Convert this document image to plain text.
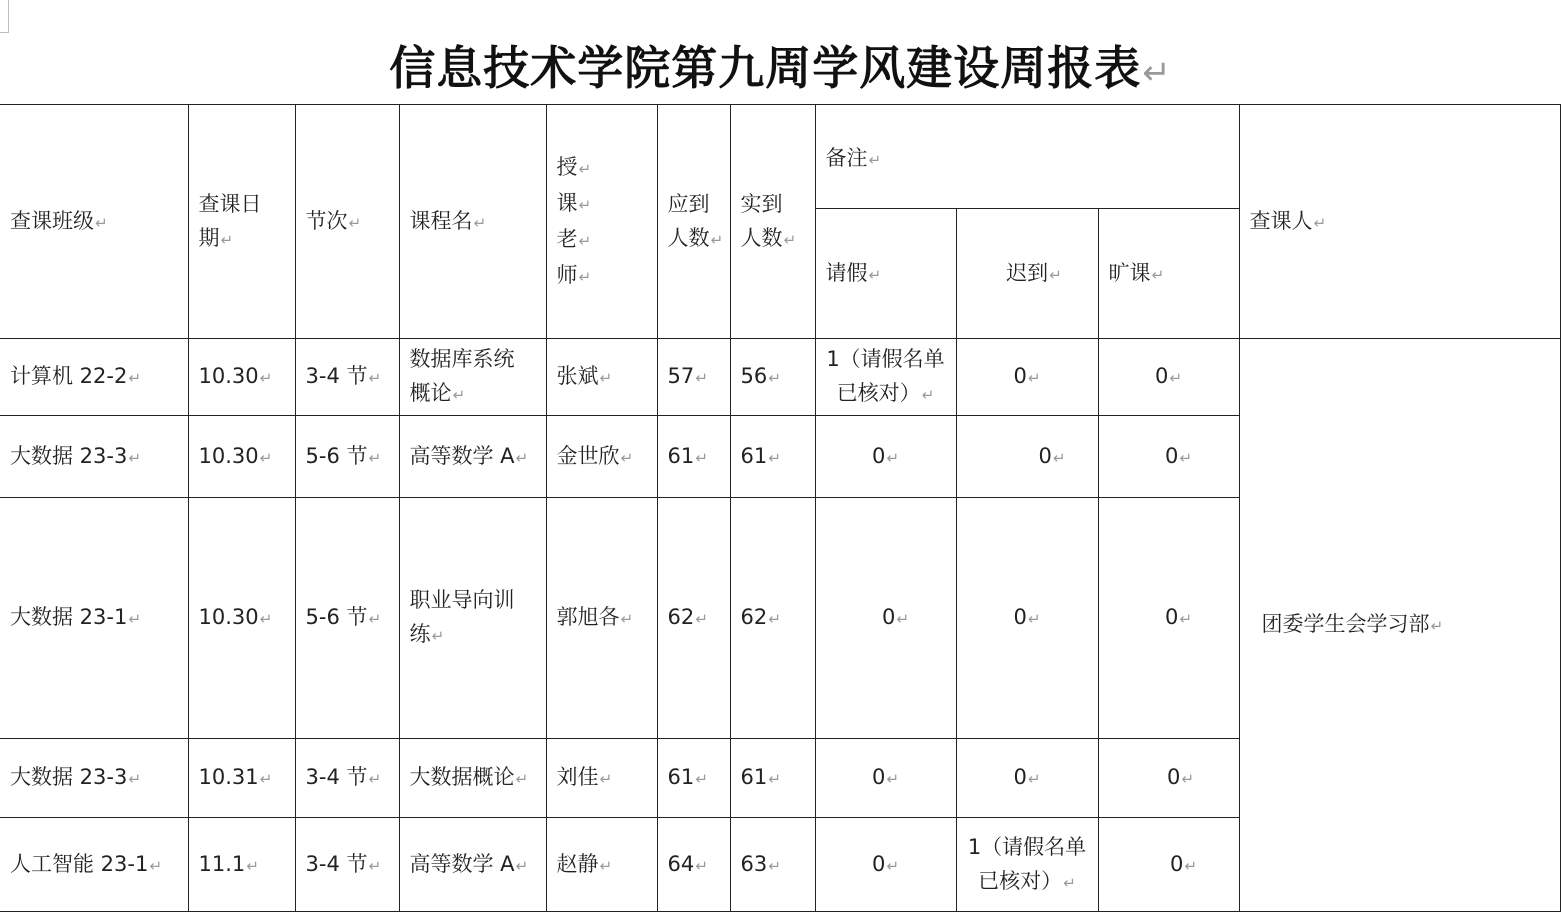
信息技术学院第九周学风建设周报表↵
查课班级↵	查课日
期↵	节次↵	课程名↵	授↵
课↵
老↵
师↵	应到
人数↵	实到
人数↵	备注↵			查课人↵
							请假↵	迟到↵	旷课↵	
计算机 22-2↵	10.30↵	3-4 节↵	数据库系统
概论↵	张斌↵	57↵	56↵	1（请假名单
已核对）↵	0↵	0↵	团委学生会学习部↵
大数据 23-3↵	10.30↵	5-6 节↵	高等数学 A↵	金世欣↵	61↵	61↵	0↵	0↵	0↵	
大数据 23-1↵	10.30↵	5-6 节↵	职业导向训
练↵	郭旭各↵	62↵	62↵	0↵	0↵	0↵	
大数据 23-3↵	10.31↵	3-4 节↵	大数据概论↵	刘佳↵	61↵	61↵	0↵	0↵	0↵	
人工智能 23-1↵	11.1↵	3-4 节↵	高等数学 A↵	赵静↵	64↵	63↵	0↵	1（请假名单
已核对）↵	0↵	
